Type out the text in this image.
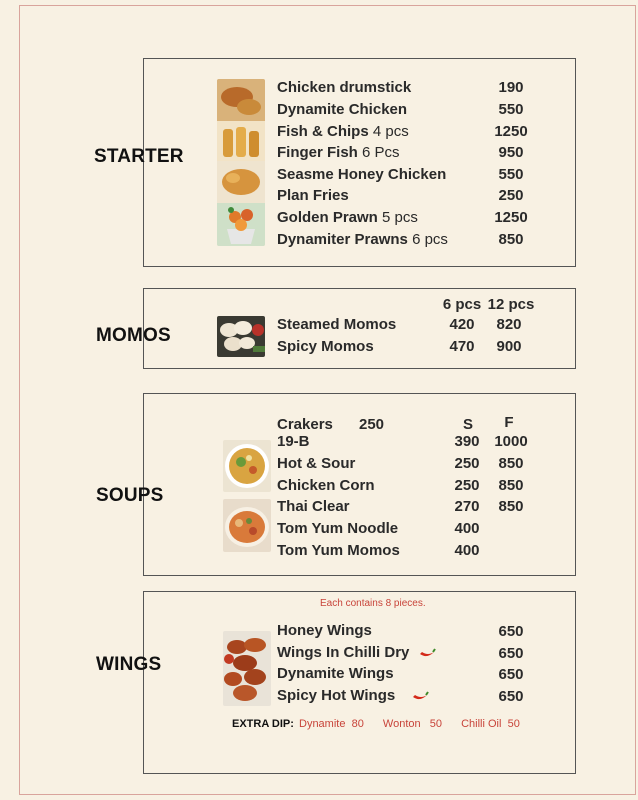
STARTER
Chicken drumstick	190
Dynamite Chicken	550
Fish & Chips 4 pcs	1250
Finger Fish 6 Pcs	950
Seasme Honey Chicken	550
Plan Fries	250
Golden Prawn 5 pcs	1250
Dynamiter Prawns 6 pcs	850
MOMOS
6 pcs 12 pcs
Steamed Momos	420	820
Spicy Momos	470	900
SOUPS
Crakers 250	S	F
19-B	390 1000
Hot & Sour	250	850
Chicken Corn	250	850
Thai Clear	270	850
Tom Yum Noodle	400
Tom Yum Momos	400
WINGS
Each contains 8 pieces.
Honey Wings	650
Wings In Chilli Dry	650
Dynamite Wings	650
Spicy Hot Wings	650
EXTRA DIP: Dynamite 80 Wonton 50 Chilli Oil 50
